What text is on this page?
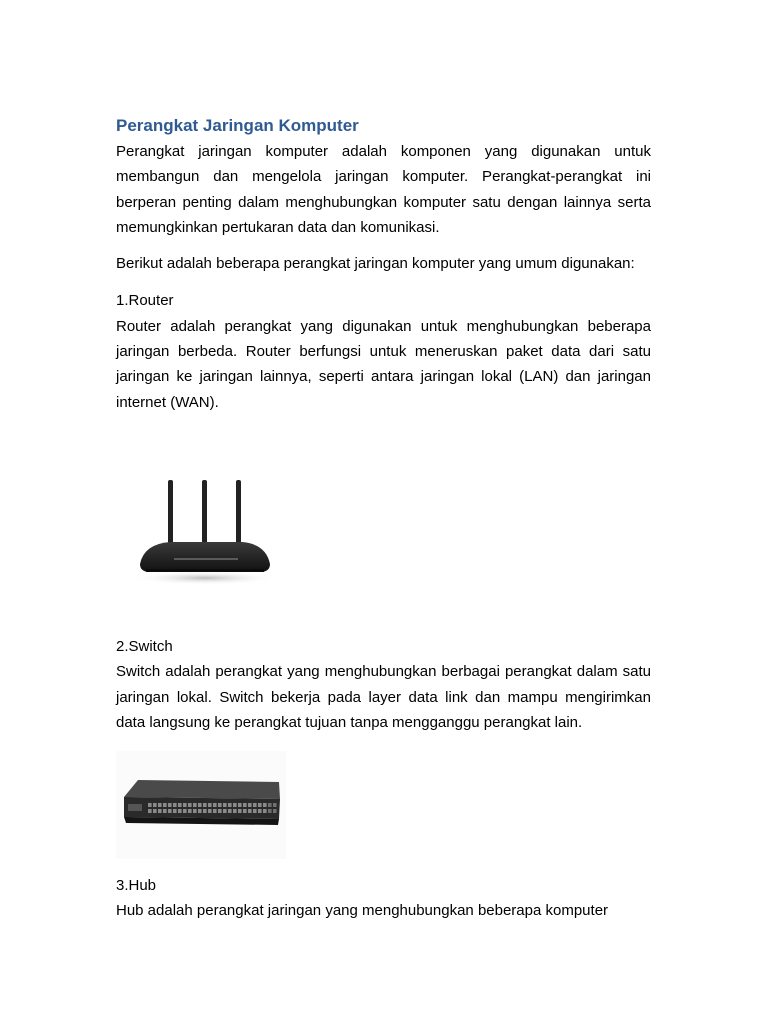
Perangkat Jaringan Komputer

Perangkat jaringan komputer adalah komponen yang digunakan untuk membangun dan mengelola jaringan komputer. Perangkat-perangkat ini berperan penting dalam menghubungkan komputer satu dengan lainnya serta memungkinkan pertukaran data dan komunikasi.

Berikut adalah beberapa perangkat jaringan komputer yang umum digunakan:

1.Router

Router adalah perangkat yang digunakan untuk menghubungkan beberapa jaringan berbeda. Router berfungsi untuk meneruskan paket data dari satu jaringan ke jaringan lainnya, seperti antara jaringan lokal (LAN) dan jaringan internet (WAN).

2.Switch

Switch adalah perangkat yang menghubungkan berbagai perangkat dalam satu jaringan lokal. Switch bekerja pada layer data link dan mampu mengirimkan data langsung ke perangkat tujuan tanpa mengganggu perangkat lain.

3.Hub

Hub adalah perangkat jaringan yang menghubungkan beberapa komputer
